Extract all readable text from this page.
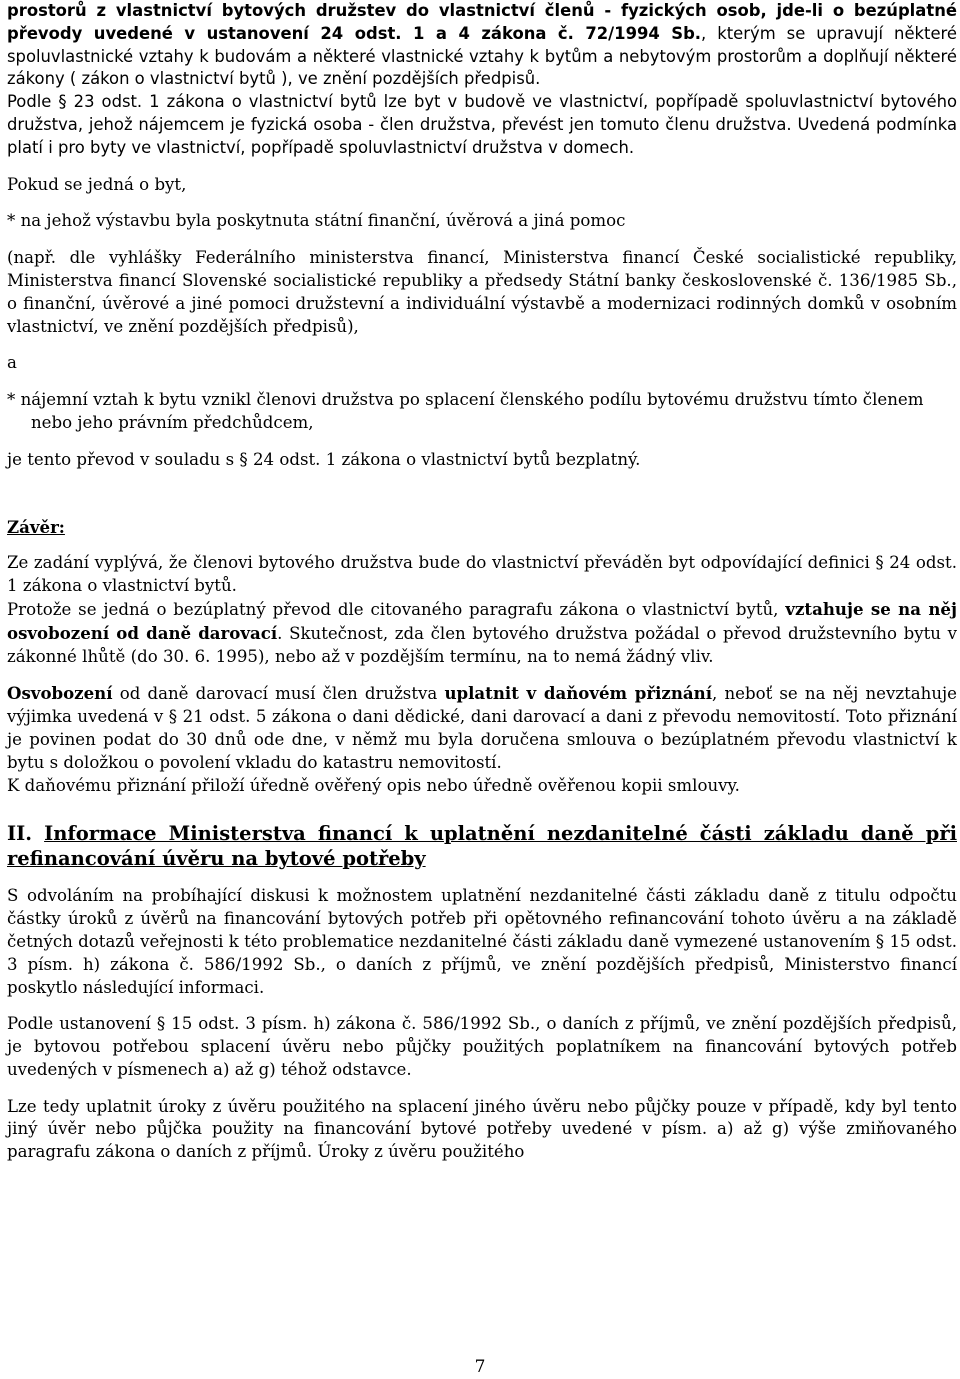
prostorů z vlastnictví bytových družstev do vlastnictví členů - fyzických osob, jde-li o bezúplatné převody uvedené v ustanovení 24 odst. 1 a 4 zákona č. 72/1994 Sb., kterým se upravují některé spoluvlastnické vztahy k budovám a některé vlastnické vztahy k bytům a nebytovým prostorům a doplňují některé zákony ( zákon o vlastnictví bytů ), ve znění pozdějších předpisů.

Podle § 23 odst. 1 zákona o vlastnictví bytů lze byt v budově ve vlastnictví, popřípadě spoluvlastnictví bytového družstva, jehož nájemcem je fyzická osoba - člen družstva, převést jen tomuto členu družstva. Uvedená podmínka platí i pro byty ve vlastnictví, popřípadě spoluvlastnictví družstva v domech.

Pokud se jedná o byt,

* na jehož výstavbu byla poskytnuta státní finanční, úvěrová a jiná pomoc

(např. dle vyhlášky Federálního ministerstva financí, Ministerstva financí České socialistické republiky, Ministerstva financí Slovenské socialistické republiky a předsedy Státní banky československé č. 136/1985 Sb., o finanční, úvěrové a jiné pomoci družstevní a individuální výstavbě a modernizaci rodinných domků v osobním vlastnictví, ve znění pozdějších předpisů),

a

* nájemní vztah k bytu vznikl členovi družstva po splacení členského podílu bytovému družstvu tímto členem nebo jeho právním předchůdcem,

je tento převod v souladu s § 24 odst. 1 zákona o vlastnictví bytů bezplatný.

Závěr:

Ze zadání vyplývá, že členovi bytového družstva bude do vlastnictví převáděn byt odpovídající definici § 24 odst. 1 zákona o vlastnictví bytů.

Protože se jedná o bezúplatný převod dle citovaného paragrafu zákona o vlastnictví bytů, vztahuje se na něj osvobození od daně darovací. Skutečnost, zda člen bytového družstva požádal o převod družstevního bytu v zákonné lhůtě (do 30. 6. 1995), nebo až v pozdějším termínu, na to nemá žádný vliv.

Osvobození od daně darovací musí člen družstva uplatnit v daňovém přiznání, neboť se na něj nevztahuje výjimka uvedená v § 21 odst. 5 zákona o dani dědické, dani darovací a dani z převodu nemovitostí. Toto přiznání je povinen podat do 30 dnů ode dne, v němž mu byla doručena smlouva o bezúplatném převodu vlastnictví k bytu s doložkou o povolení vkladu do katastru nemovitostí.

K daňovému přiznání přiloží úředně ověřený opis nebo úředně ověřenou kopii smlouvy.

II. Informace Ministerstva financí k uplatnění nezdanitelné části základu daně při refinancování úvěru na bytové potřeby

S odvoláním na probíhající diskusi k možnostem uplatnění nezdanitelné části základu daně z titulu odpočtu částky úroků z úvěrů na financování bytových potřeb při opětovného refinancování tohoto úvěru a na základě četných dotazů veřejnosti k této problematice nezdanitelné části základu daně vymezené ustanovením § 15 odst. 3 písm. h) zákona č. 586/1992 Sb., o daních z příjmů, ve znění pozdějších předpisů, Ministerstvo financí poskytlo následující informaci.

Podle ustanovení § 15 odst. 3 písm. h) zákona č. 586/1992 Sb., o daních z příjmů, ve znění pozdějších předpisů, je bytovou potřebou splacení úvěru nebo půjčky použitých poplatníkem na financování bytových potřeb uvedených v písmenech a) až g) téhož odstavce.

Lze tedy uplatnit úroky z úvěru použitého na splacení jiného úvěru nebo půjčky pouze v případě, kdy byl tento jiný úvěr nebo půjčka použity na financování bytové potřeby uvedené v písm. a) až g) výše zmiňovaného paragrafu zákona o daních z příjmů. Úroky z úvěru použitého

7
